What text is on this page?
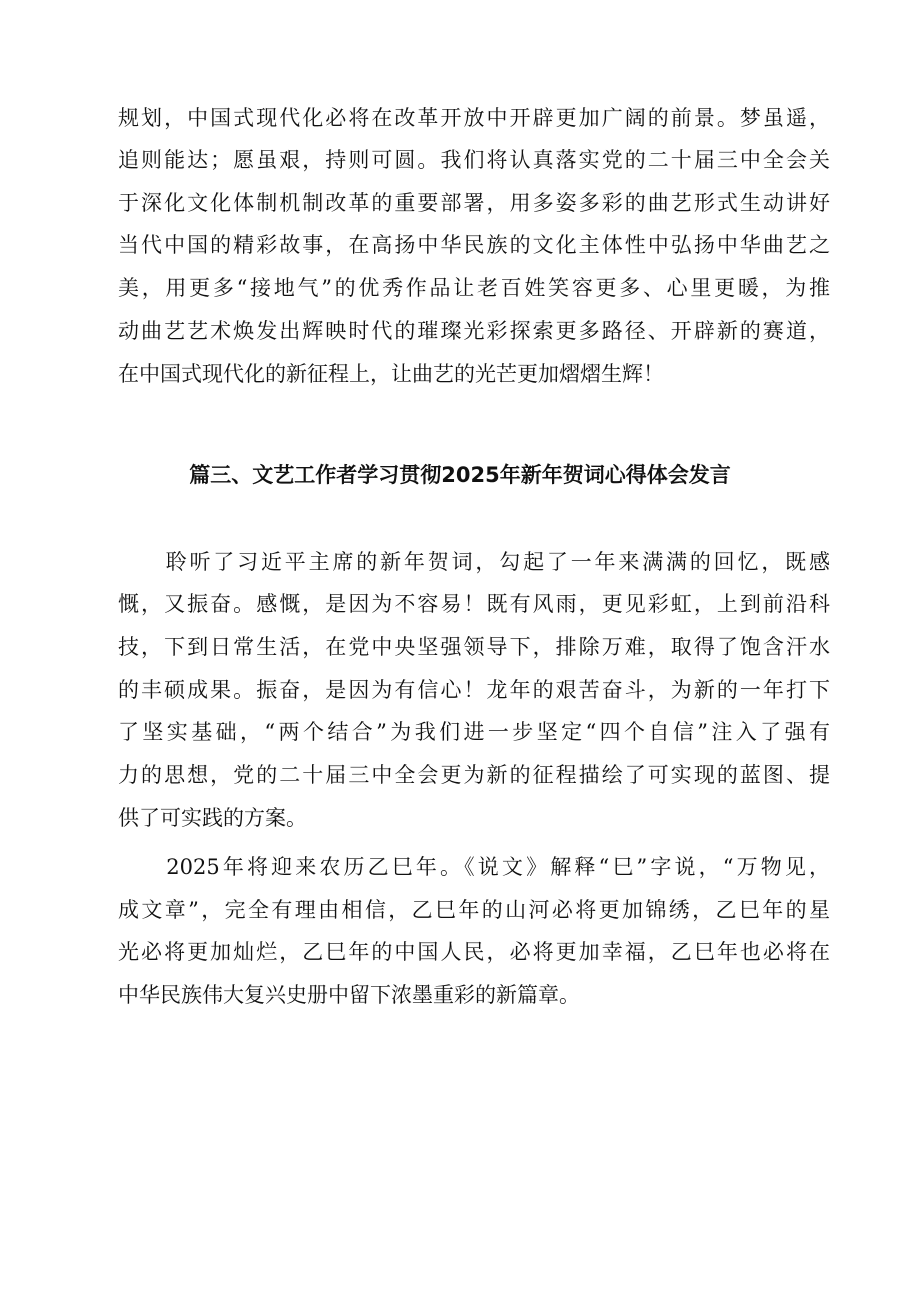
规划，中国式现代化必将在改革开放中开辟更加广阔的前景。梦虽遥，
追则能达；愿虽艰，持则可圆。我们将认真落实党的二十届三中全会关
于深化文化体制机制改革的重要部署，用多姿多彩的曲艺形式生动讲好
当代中国的精彩故事，在高扬中华民族的文化主体性中弘扬中华曲艺之
美，用更多“接地气”的优秀作品让老百姓笑容更多、心里更暖，为推
动曲艺艺术焕发出辉映时代的璀璨光彩探索更多路径、开辟新的赛道，
在中国式现代化的新征程上，让曲艺的光芒更加熠熠生辉！
篇三、文艺工作者学习贯彻2025年新年贺词心得体会发言
　　聆听了习近平主席的新年贺词，勾起了一年来满满的回忆，既感
慨，又振奋。感慨，是因为不容易！既有风雨，更见彩虹，上到前沿科
技，下到日常生活，在党中央坚强领导下，排除万难，取得了饱含汗水
的丰硕成果。振奋，是因为有信心！龙年的艰苦奋斗，为新的一年打下
了坚实基础，“两个结合”为我们进一步坚定“四个自信”注入了强有
力的思想，党的二十届三中全会更为新的征程描绘了可实现的蓝图、提
供了可实践的方案。
　　2025年将迎来农历乙巳年。《说文》解释“巳”字说，“万物见，
成文章”，完全有理由相信，乙巳年的山河必将更加锦绣，乙巳年的星
光必将更加灿烂，乙巳年的中国人民，必将更加幸福，乙巳年也必将在
中华民族伟大复兴史册中留下浓墨重彩的新篇章。
